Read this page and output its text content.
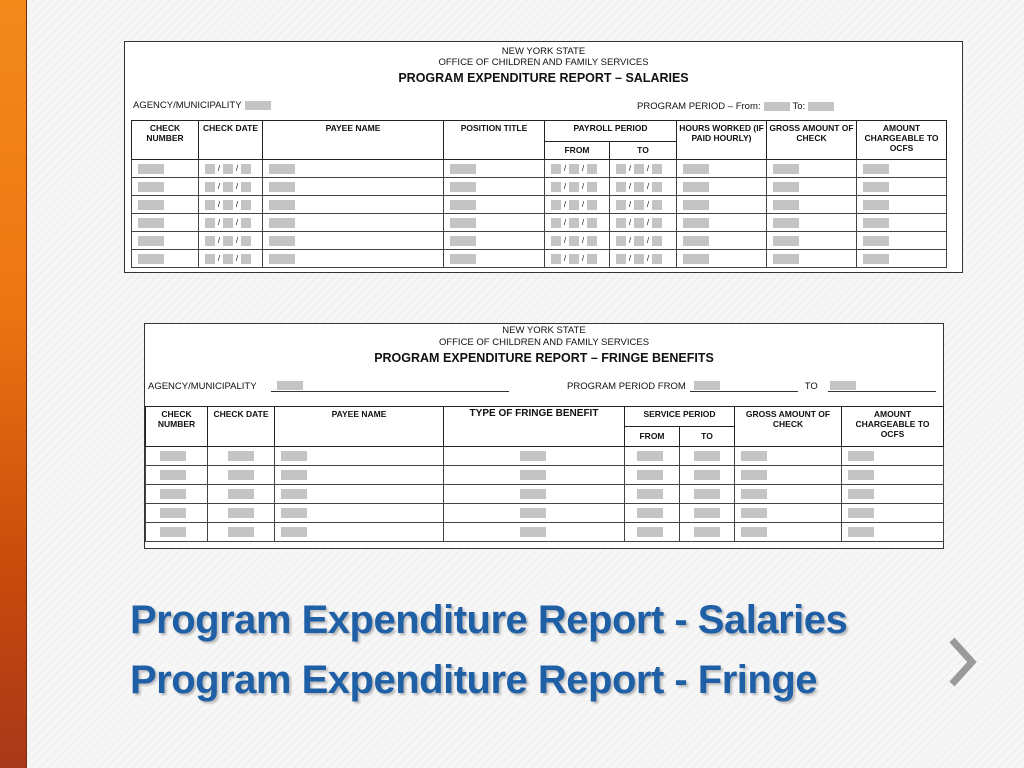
NEW YORK STATE
OFFICE OF CHILDREN AND FAMILY SERVICES
PROGRAM EXPENDITURE REPORT – SALARIES
AGENCY/MUNICIPALITY	PROGRAM PERIOD – From:	To:
CHECK NUMBER	CHECK DATE	PAYEE NAME	POSITION TITLE	PAYROLL PERIOD		HOURS WORKED (IF PAID HOURLY)	GROSS AMOUNT OF CHECK	AMOUNT CHARGEABLE TO OCFS
				FROM	TO			
	/ /			/ /	/ /			
	/ /			/ /	/ /			
	/ /			/ /	/ /			
	/ /			/ /	/ /			
	/ /			/ /	/ /			
	/ /			/ /	/ /			
NEW YORK STATE
OFFICE OF CHILDREN AND FAMILY SERVICES
PROGRAM EXPENDITURE REPORT – FRINGE BENEFITS
AGENCY/MUNICIPALITY	PROGRAM PERIOD FROM	TO
CHECK NUMBER	CHECK DATE	PAYEE NAME	TYPE OF FRINGE BENEFIT	SERVICE PERIOD		GROSS AMOUNT OF CHECK	AMOUNT CHARGEABLE TO OCFS
				FROM	TO		

Program Expenditure Report - Salaries
Program Expenditure Report - Fringe
